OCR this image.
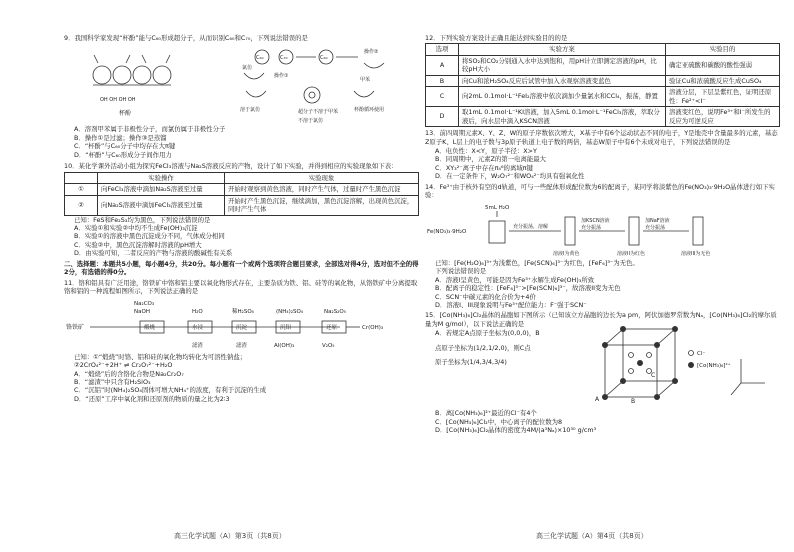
9．我国科学家发现“杯酚”能与C₆₀形成超分子，从而识别C₆₀和C₇₀，下列说法错误的是
OH OH OH OH
杯酚
C₆₀	C₇₀	C₆₀
操作②
甲苯
氯仿
操作①
溶于氯仿	超分子不溶于甲苯
不溶于氯仿
杯酚循环使用
A．溶剂甲苯属于非极性分子，而氯仿属于非极性分子
B．操作①是过滤；操作③是蒸馏
C．“杯酚”与C₆₀分子中均存在大π键
D．“杯酚”与C₆₀形成分子间作用力
10．某化学课外活动小组为探究FeCl₃溶液与Na₂S溶液反应的产物，设计了如下实验，并得到相应的实验现象如下表：
	实验操作	实验现象
①	向FeCl₃溶液中滴加Na₂S溶液至过量	开始时观察到黄色溶液，同时产生气体，过量时产生黑色沉淀
②	向Na₂S溶液中滴加FeCl₃溶液至过量	开始时产生黑色沉淀，继续滴加，黑色沉淀溶解，出现黄色沉淀，同时产生气体
已知：FeS和Fe₂S₃均为黑色，下列说法错误的是
A．实验①和实验②中均不生成Fe(OH)₃沉淀
B．实验①的溶液中黑色沉淀成分不同，气体成分相同
C．实验②中，黑色沉淀溶解时溶液的pH增大
D．由实验可知，二者反应的产物与溶液的酸碱性有关系
二、选择题：本题共5小题，每小题4分，共20分。每小题有一个或两个选项符合题目要求，全部选对得4分，选对但不全的得2分，有选错的得0分。
11．铬和铝具有广泛用途，铬铁矿中铬和铝主要以氧化物形式存在，主要杂质为铁、铝、硅等的氧化物，从铬铁矿中分离提取铬和铝的一种流程如图所示，下列说法正确的是
Na₂CO₃
NaOH	H₂O	稀H₂SO₄	(NH₄)₂SO₄	Na₂S₂O₅
铬铁矿	煅烧	水浸	沉淀	沉铝	还原
滤渣	滤渣	Al(OH)₃	V₂O₅
Cr(OH)₃
已知：①“煅烧”时铬、铝和硅的氧化物均转化为可溶性钠盐；
②2CrO₄²⁻+2H⁺ ⇌ Cr₂O₇²⁻+H₂O
A．“煅烧”后的含铬化合物是Na₂Cr₂O₇
B．“滤渣”中只含有H₂SiO₃
C．“沉铝”时(NH₄)₂SO₄固体可增大NH₄⁺的浓度，有利于沉淀的生成
D．“还原”工序中氧化剂和还原剂的物质的量之比为2∶3
高三化学试题（A）第3页（共8页）
12．下列实验方案设计正确且能达到实验目的的是
选项	实验方案	实验目的
A	将SO₂和CO₂分别通入水中达到饱和，用pH计立即测定溶液的pH，比较pH大小	确定亚硫酸和碳酸的酸性强弱
B	向Cu和浓H₂SO₄反应后试管中加入水观察溶液变蓝色	验证Cu和浓硫酸反应生成CuSO₄
C	向2mL 0.1mol·L⁻¹FeI₂溶液中依次滴加少量氯水和CCl₄，振荡，静置	溶液分层，下层呈紫红色，证明还原性：Fe²⁺<I⁻
D	取1mL 0.1mol·L⁻¹KI溶液，加入5mL 0.1mol·L⁻¹FeCl₃溶液，萃取分液后，向水层中滴入KSCN溶液	溶液变红色，说明Fe³⁺和I⁻所发生的反应为可逆反应
13．前四周期元素X、Y、Z、W的原子序数依次增大，X基子中有6个运动状态不同的电子，Y是地壳中含量最多的元素，基态Z原子K、L层上的电子数与3p原子轨道上电子数的两倍，基态W原子中有6个未成对电子，下列说法错误的是
A．电负性：X<Y，原子半径：X>Y
B．同周期中，元素Z的第一电离能最大
C．XY₃²⁻离子中存在π₄⁶的离域π键
D．在一定条件下，W₂O₇²⁻和WO₄²⁻均具有强氧化性
14．Fe³⁺由于核外有空的d轨道，可与一些配体形成配位数为6的配离子，某同学将淡紫色的Fe(NO₃)₃·9H₂O晶体进行如下实验：
5mL H₂O
Fe(NO₃)₃·9H₂O
充分振荡，溶解
溶液I为黄色
加KSCN溶液
充分振荡
溶液II为红色
加NaF溶液
充分振荡
溶液III为无色
已知：[Fe(H₂O)₆]³⁺为浅紫色，[Fe(SCN)₆]³⁻为红色，[FeF₆]³⁻为无色。
下列说法错误的是
A．溶液I呈黄色，可能是因为Fe³⁺水解生成Fe(OH)₃所致
B．配离子的稳定性：[FeF₆]³⁻>[Fe(SCN)₆]³⁻，故溶液II变为无色
C．SCN⁻中碳元素的化合价为+4价
D．溶液I、III现象说明与Fe³⁺配位能力：F⁻强于SCN⁻
15．[Co(NH₃)₆]Cl₂晶体的晶胞如下图所示（已知该立方晶胞的边长为a pm，阿伏加德罗常数为Nₐ，[Co(NH₃)₆]Cl₂的摩尔质量为M g/mol），以下说法正确的是
A．若规定A点原子坐标为(0,0,0)，B
点原子坐标为(1/2,1/2,0)，则C点
原子坐标为(1/4,3/4,3/4)
A	B
C
Cl⁻
[Co(NH₃)₆]²⁺
B．离[Co(NH₃)₆]²⁺最近的Cl⁻有4个
C．[Co(NH₃)₆]Cl₂中，中心离子的配位数为8
D．[Co(NH₃)₆]Cl₂晶体的密度为4M/(a³Nₐ)×10³⁰ g/cm³
高三化学试题（A）第4页（共8页）
